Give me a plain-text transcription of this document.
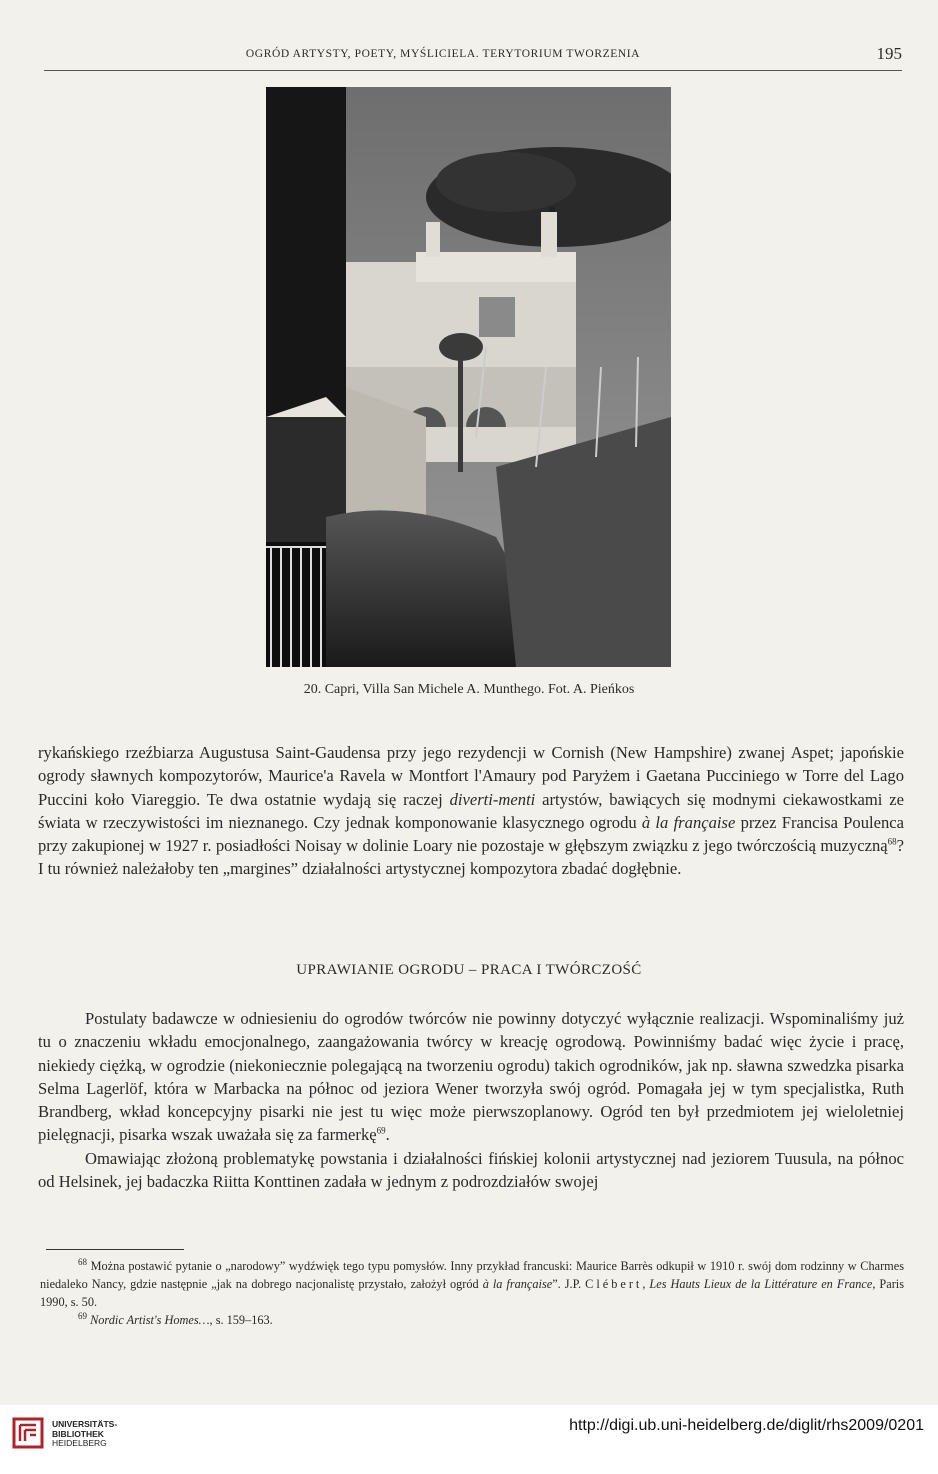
OGRÓD ARTYSTY, POETY, MYŚLICIELA. TERYTORIUM TWORZENIA	195
20. Capri, Villa San Michele A. Munthego. Fot. A. Pieńkos

rykańskiego rzeźbiarza Augustusa Saint-Gaudensa przy jego rezydencji w Cornish (New Hampshire) zwanej Aspet; japońskie ogrody sławnych kompozytorów, Maurice'a Ravela w Montfort l'Amaury pod Paryżem i Gaetana Pucciniego w Torre del Lago Puccini koło Viareggio. Te dwa ostatnie wydają się raczej diverti-menti artystów, bawiących się modnymi ciekawostkami ze świata w rzeczywistości im nieznanego. Czy jednak komponowanie klasycznego ogrodu à la française przez Francisa Poulenca przy zakupionej w 1927 r. posiadłości Noisay w dolinie Loary nie pozostaje w głębszym związku z jego twórczością muzyczną$^{68}$? I tu również należałoby ten „margines” działalności artystycznej kompozytora zbadać dogłębnie.

UPRAWIANIE OGRODU – PRACA I TWÓRCZOŚĆ

Postulaty badawcze w odniesieniu do ogrodów twórców nie powinny dotyczyć wyłącznie realizacji. Wspominaliśmy już tu o znaczeniu wkładu emocjonalnego, zaangażowania twórcy w kreację ogrodową. Powinniśmy badać więc życie i pracę, niekiedy ciężką, w ogrodzie (niekoniecznie polegającą na tworzeniu ogrodu) takich ogrodników, jak np. sławna szwedzka pisarka Selma Lagerlöf, która w Marbacka na północ od jeziora Wener tworzyła swój ogród. Pomagała jej w tym specjalistka, Ruth Brandberg, wkład koncepcyjny pisarki nie jest tu więc może pierwszoplanowy. Ogród ten był przedmiotem jej wieloletniej pielęgnacji, pisarka wszak uważała się za farmerkę$^{69}$.

Omawiając złożoną problematykę powstania i działalności fińskiej kolonii artystycznej nad jeziorem Tuusula, na północ od Helsinek, jej badaczka Riitta Konttinen zadała w jednym z podrozdziałów swojej

$^{68}$ Można postawić pytanie o „narodowy” wydźwięk tego typu pomysłów. Inny przykład francuski: Maurice Barrès odkupił w 1910 r. swój dom rodzinny w Charmes niedaleko Nancy, gdzie następnie „jak na dobrego nacjonalistę przystało, założył ogród à la française”. J.P. Clébert, Les Hauts Lieux de la Littérature en France, Paris 1990, s. 50.

$^{69}$ Nordic Artist's Homes…, s. 159–163.

UNIVERSITÄTS-
BIBLIOTHEK
HEIDELBERG
http://digi.ub.uni-heidelberg.de/diglit/rhs2009/0201
